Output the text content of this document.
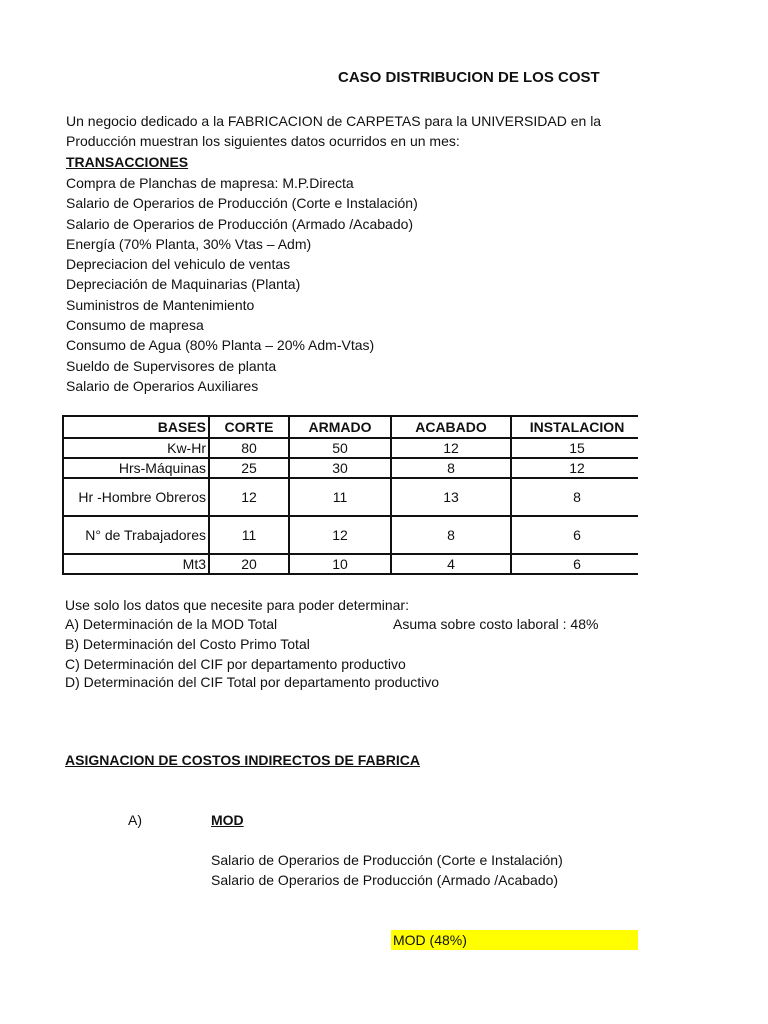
CASO DISTRIBUCION DE LOS COST
Un negocio dedicado a la FABRICACION de CARPETAS para la UNIVERSIDAD en la
Producción muestran los siguientes datos ocurridos en un mes:
TRANSACCIONES
Compra de Planchas de mapresa: M.P.Directa
Salario de Operarios de Producción (Corte e Instalación)
Salario de Operarios de Producción (Armado /Acabado)
Energía (70% Planta, 30% Vtas – Adm)
Depreciacion del vehiculo de ventas
Depreciación de Maquinarias (Planta)
Suministros de Mantenimiento
Consumo de mapresa
Consumo de Agua (80% Planta – 20% Adm-Vtas)
Sueldo de Supervisores de planta
Salario de Operarios Auxiliares
BASES	CORTE	ARMADO	ACABADO	INSTALACION
Kw-Hr	80	50	12	15
Hrs-Máquinas	25	30	8	12
Hr -Hombre Obreros	12	11	13	8
N° de Trabajadores	11	12	8	6
Mt3	20	10	4	6
Use solo los datos que necesite para poder determinar:
A) Determinación de la MOD Total	Asuma sobre costo laboral : 48%
B) Determinación del Costo Primo Total
C) Determinación del CIF por departamento productivo
D) Determinación del CIF Total por departamento productivo
ASIGNACION DE COSTOS INDIRECTOS DE FABRICA
A)	MOD
Salario de Operarios de Producción (Corte e Instalación)
Salario de Operarios de Producción (Armado /Acabado)
MOD (48%)
